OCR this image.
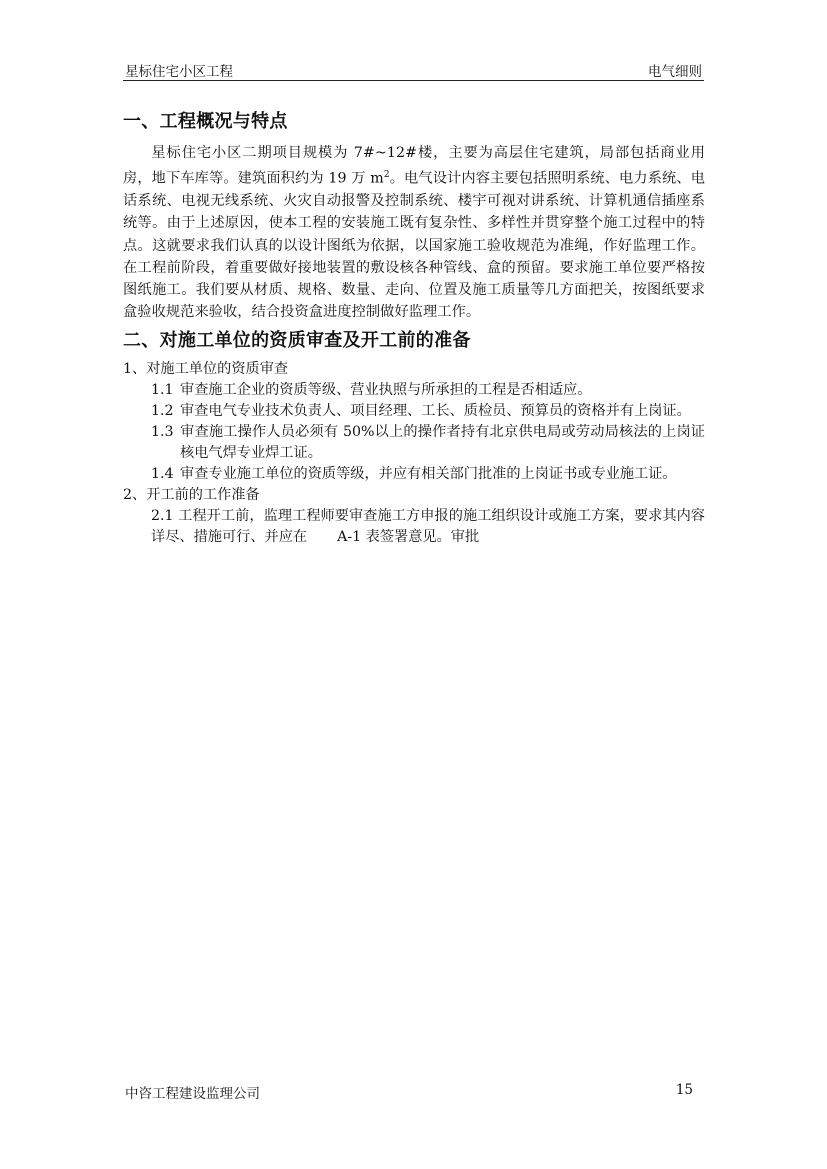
星标住宅小区工程	电气细则
一、工程概况与特点

星标住宅小区二期项目规模为 7#~12#楼，主要为高层住宅建筑，局部包括商业用房，地下车库等。建筑面积约为 19 万 $m^2$。电气设计内容主要包括照明系统、电力系统、电话系统、电视无线系统、火灾自动报警及控制系统、楼宇可视对讲系统、计算机通信插座系统等。由于上述原因，使本工程的安装施工既有复杂性、多样性并贯穿整个施工过程中的特点。这就要求我们认真的以设计图纸为依据，以国家施工验收规范为准绳，作好监理工作。在工程前阶段，着重要做好接地装置的敷设核各种管线、盒的预留。要求施工单位要严格按图纸施工。我们要从材质、规格、数量、走向、位置及施工质量等几方面把关，按图纸要求盒验收规范来验收，结合投资盒进度控制做好监理工作。

二、对施工单位的资质审查及开工前的准备

1、对施工单位的资质审查

1.1 审查施工企业的资质等级、营业执照与所承担的工程是否相适应。

1.2 审查电气专业技术负责人、项目经理、工长、质检员、预算员的资格并有上岗证。

1.3 审查施工操作人员必须有 50%以上的操作者持有北京供电局或劳动局核法的上岗证核电气焊专业焊工证。

1.4 审查专业施工单位的资质等级，并应有相关部门批准的上岗证书或专业施工证。

2、开工前的工作准备

2.1 工程开工前，监理工程师要审查施工方申报的施工组织设计或施工方案，要求其内容详尽、措施可行、并应在 A-1 表签署意见。审批

中咨工程建设监理公司	15
